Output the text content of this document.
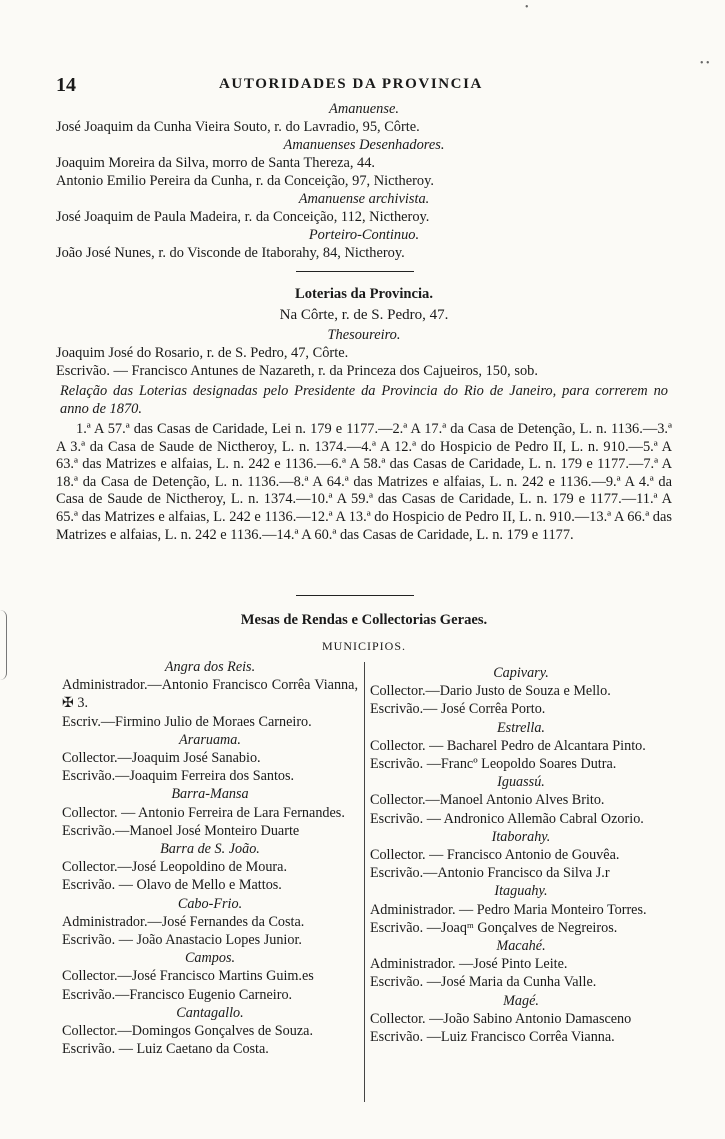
14	AUTORIDADES DA PROVINCIA
Amanuense.
José Joaquim da Cunha Vieira Souto, r. do Lavradio, 95, Côrte.
Amanuenses Desenhadores.
Joaquim Moreira da Silva, morro de Santa Thereza, 44.
Antonio Emilio Pereira da Cunha, r. da Conceição, 97, Nictheroy.
Amanuense archivista.
José Joaquim de Paula Madeira, r. da Conceição, 112, Nictheroy.
Porteiro-Continuo.
João José Nunes, r. do Visconde de Itaborahy, 84, Nictheroy.
Loterias da Provincia.
Na Côrte, r. de S. Pedro, 47.
Thesoureiro.
Joaquim José do Rosario, r. de S. Pedro, 47, Côrte.
Escrivão. — Francisco Antunes de Nazareth, r. da Princeza dos Cajueiros, 150, sob.
Relação das Loterias designadas pelo Presidente da Provincia do Rio de Janeiro, para correrem no anno de 1870.
1.ª A 57.ª das Casas de Caridade, Lei n. 179 e 1177.—2.ª A 17.ª da Casa de Detenção, L. n. 1136.—3.ª A 3.ª da Casa de Saude de Nictheroy, L. n. 1374.—4.ª A 12.ª do Hospicio de Pedro II, L. n. 910.—5.ª A 63.ª das Matrizes e alfaias, L. n. 242 e 1136.—6.ª A 58.ª das Casas de Caridade, L. n. 179 e 1177.—7.ª A 18.ª da Casa de Detenção, L. n. 1136.—8.ª A 64.ª das Matrizes e alfaias, L. n. 242 e 1136.—9.ª A 4.ª da Casa de Saude de Nictheroy, L. n. 1374.—10.ª A 59.ª das Casas de Caridade, L. n. 179 e 1177.—11.ª A 65.ª das Matrizes e alfaias, L. 242 e 1136.—12.ª A 13.ª do Hospicio de Pedro II, L. n. 910.—13.ª A 66.ª das Matrizes e alfaias, L. n. 242 e 1136.—14.ª A 60.ª das Casas de Caridade, L. n. 179 e 1177.
Mesas de Rendas e Collectorias Geraes.
MUNICIPIOS.
Angra dos Reis.
Administrador.—Antonio Francisco Corrêa Vianna, ✠ 3.
Escriv.—Firmino Julio de Moraes Carneiro.
Araruama.
Collector.—Joaquim José Sanabio.
Escrivão.—Joaquim Ferreira dos Santos.
Barra-Mansa
Collector. — Antonio Ferreira de Lara Fernandes.
Escrivão.—Manoel José Monteiro Duarte
Barra de S. João.
Collector.—José Leopoldino de Moura.
Escrivão. — Olavo de Mello e Mattos.
Cabo-Frio.
Administrador.—José Fernandes da Costa.
Escrivão. — João Anastacio Lopes Junior.
Campos.
Collector.—José Francisco Martins Guim.es
Escrivão.—Francisco Eugenio Carneiro.
Cantagallo.
Collector.—Domingos Gonçalves de Souza.
Escrivão. — Luiz Caetano da Costa.
Capivary.
Collector.—Dario Justo de Souza e Mello.
Escrivão.— José Corrêa Porto.
Estrella.
Collector. — Bacharel Pedro de Alcantara Pinto.
Escrivão. —Francº Leopoldo Soares Dutra.
Iguassú.
Collector.—Manoel Antonio Alves Brito.
Escrivão. — Andronico Allemão Cabral Ozorio.
Itaborahy.
Collector. — Francisco Antonio de Gouvêa.
Escrivão.—Antonio Francisco da Silva J.r
Itaguahy.
Administrador. — Pedro Maria Monteiro Torres.
Escrivão. —Joaqᵐ Gonçalves de Negreiros.
Macahé.
Administrador. —José Pinto Leite.
Escrivão. —José Maria da Cunha Valle.
Magé.
Collector. —João Sabino Antonio Damasceno
Escrivão. —Luiz Francisco Corrêa Vianna.
•
• •
